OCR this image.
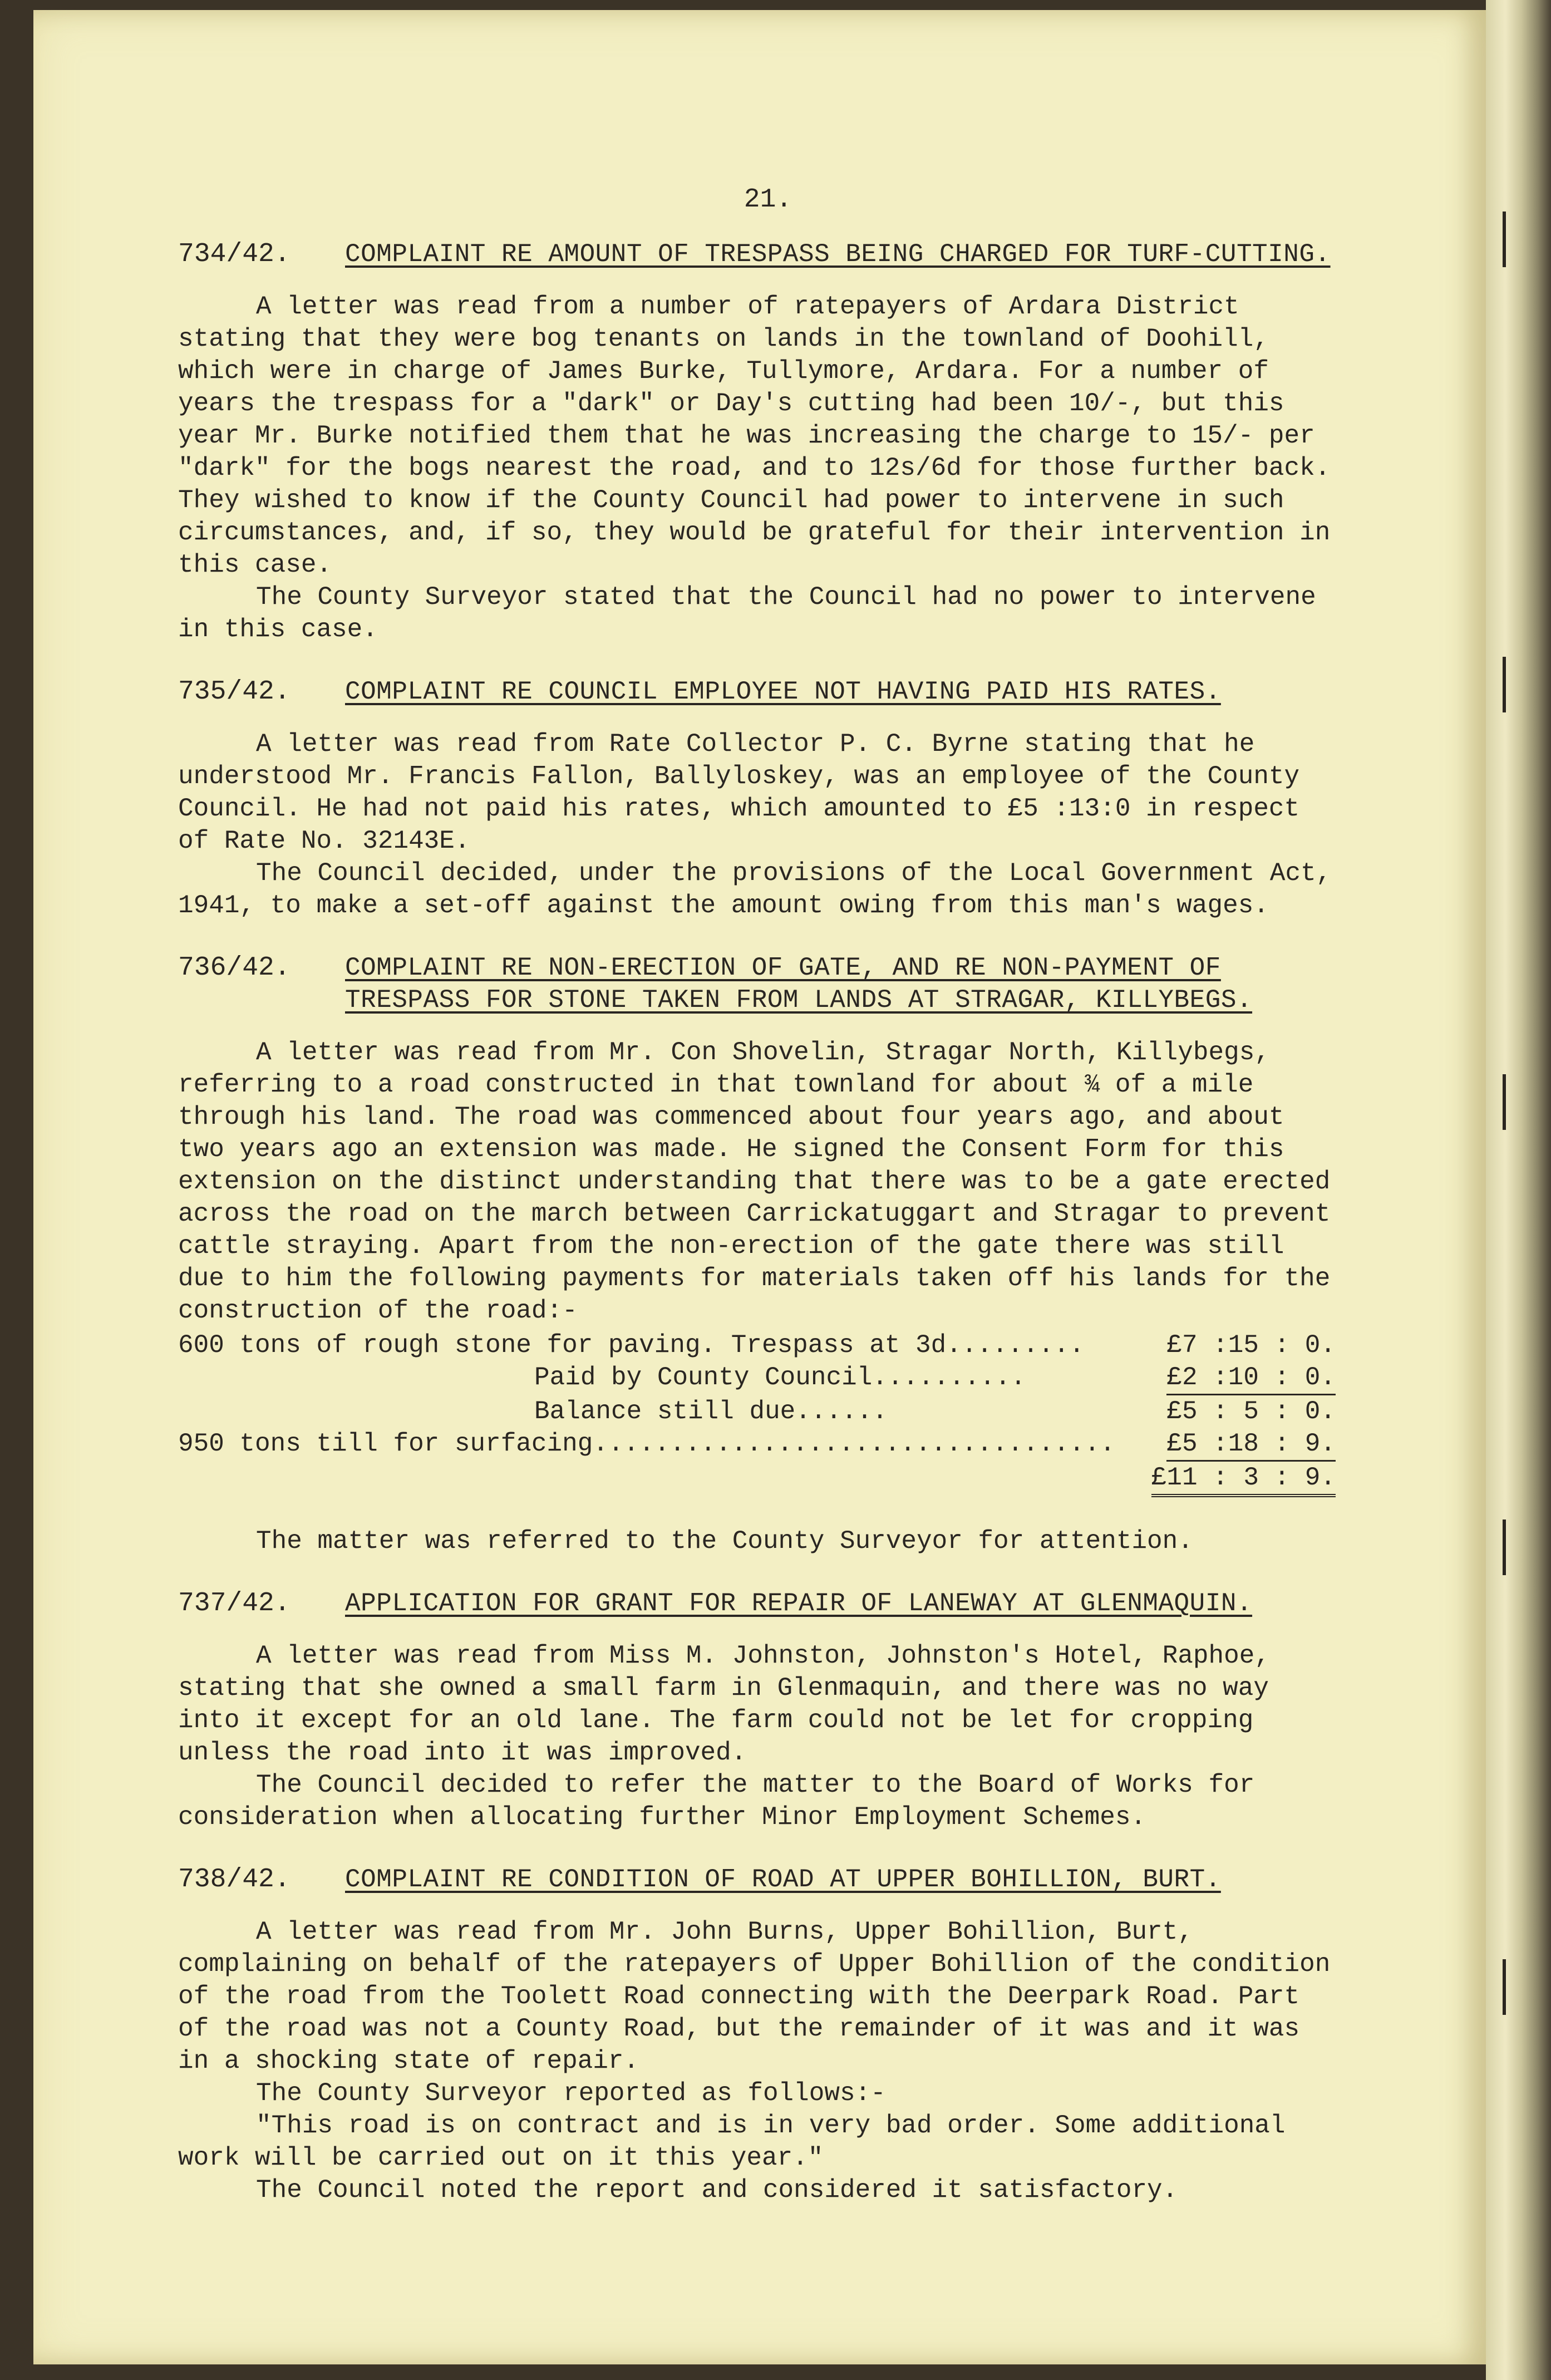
21.
734/42.	COMPLAINT RE AMOUNT OF TRESPASS BEING CHARGED FOR TURF-CUTTING.

A letter was read from a number of ratepayers of Ardara District stating that they were bog tenants on lands in the townland of Doohill, which were in charge of James Burke, Tullymore, Ardara. For a number of years the trespass for a "dark" or Day's cutting had been 10/-, but this year Mr. Burke notified them that he was increasing the charge to 15/- per "dark" for the bogs nearest the road, and to 12s/6d for those further back. They wished to know if the County Council had power to intervene in such circumstances, and, if so, they would be grateful for their intervention in this case.

The County Surveyor stated that the Council had no power to intervene in this case.

735/42.	COMPLAINT RE COUNCIL EMPLOYEE NOT HAVING PAID HIS RATES.

A letter was read from Rate Collector P. C. Byrne stating that he understood Mr. Francis Fallon, Ballyloskey, was an employee of the County Council. He had not paid his rates, which amounted to £5 :13:0 in respect of Rate No. 32143E.

The Council decided, under the provisions of the Local Government Act, 1941, to make a set-off against the amount owing from this man's wages.

736/42.	COMPLAINT RE NON-ERECTION OF GATE, AND RE NON-PAYMENT OF TRESPASS FOR STONE TAKEN FROM LANDS AT STRAGAR, KILLYBEGS.

A letter was read from Mr. Con Shovelin, Stragar North, Killybegs, referring to a road constructed in that townland for about ¾ of a mile through his land. The road was commenced about four years ago, and about two years ago an extension was made. He signed the Consent Form for this extension on the distinct understanding that there was to be a gate erected across the road on the march between Carrickatuggart and Stragar to prevent cattle straying. Apart from the non-erection of the gate there was still due to him the following payments for materials taken off his lands for the construction of the road:-

600 tons of rough stone for paving. Trespass at 3d.........	£7 :15 : 0.
Paid by County Council..........	£2 :10 : 0.
Balance still due......	£5 : 5 : 0.
950 tons till for surfacing.................................. £5 :18 : 9.
£11 : 3 : 9.

The matter was referred to the County Surveyor for attention.

737/42.	APPLICATION FOR GRANT FOR REPAIR OF LANEWAY AT GLENMAQUIN.

A letter was read from Miss M. Johnston, Johnston's Hotel, Raphoe, stating that she owned a small farm in Glenmaquin, and there was no way into it except for an old lane. The farm could not be let for cropping unless the road into it was improved.

The Council decided to refer the matter to the Board of Works for consideration when allocating further Minor Employment Schemes.

738/42.	COMPLAINT RE CONDITION OF ROAD AT UPPER BOHILLION, BURT.

A letter was read from Mr. John Burns, Upper Bohillion, Burt, complaining on behalf of the ratepayers of Upper Bohillion of the condition of the road from the Toolett Road connecting with the Deerpark Road. Part of the road was not a County Road, but the remainder of it was and it was in a shocking state of repair.

The County Surveyor reported as follows:-

"This road is on contract and is in very bad order. Some additional work will be carried out on it this year."

The Council noted the report and considered it satisfactory.
